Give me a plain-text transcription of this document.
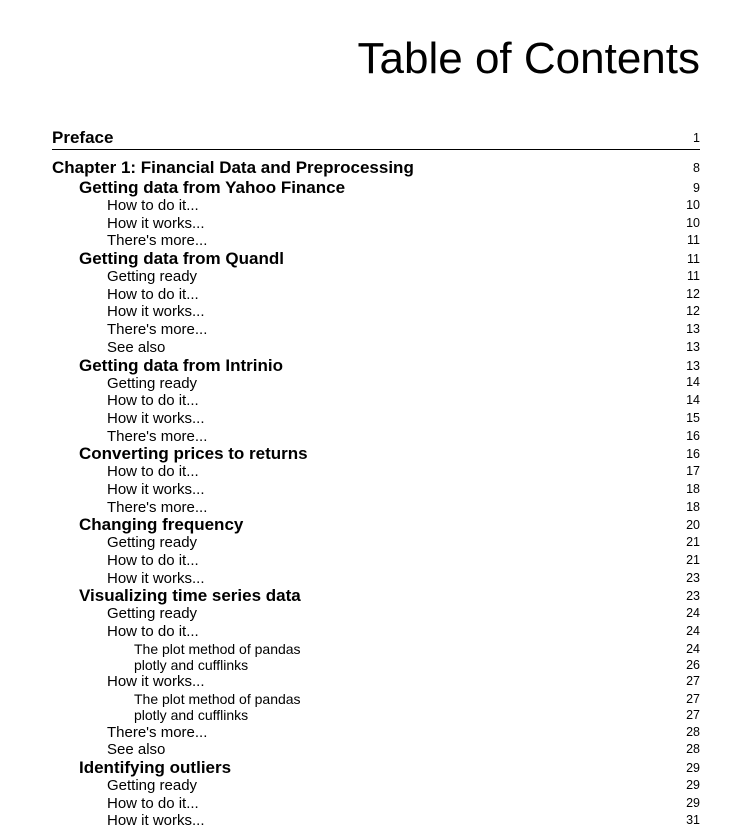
Table of Contents
Preface	1
Chapter 1: Financial Data and Preprocessing	8
Getting data from Yahoo Finance	9
How to do it...	10
How it works...	10
There's more...	11
Getting data from Quandl	11
Getting ready	11
How to do it...	12
How it works...	12
There's more...	13
See also	13
Getting data from Intrinio	13
Getting ready	14
How to do it...	14
How it works...	15
There's more...	16
Converting prices to returns	16
How to do it...	17
How it works...	18
There's more...	18
Changing frequency	20
Getting ready	21
How to do it...	21
How it works...	23
Visualizing time series data	23
Getting ready	24
How to do it...	24
The plot method of pandas	24
plotly and cufflinks	26
How it works...	27
The plot method of pandas	27
plotly and cufflinks	27
There's more...	28
See also	28
Identifying outliers	29
Getting ready	29
How to do it...	29
How it works...	31
